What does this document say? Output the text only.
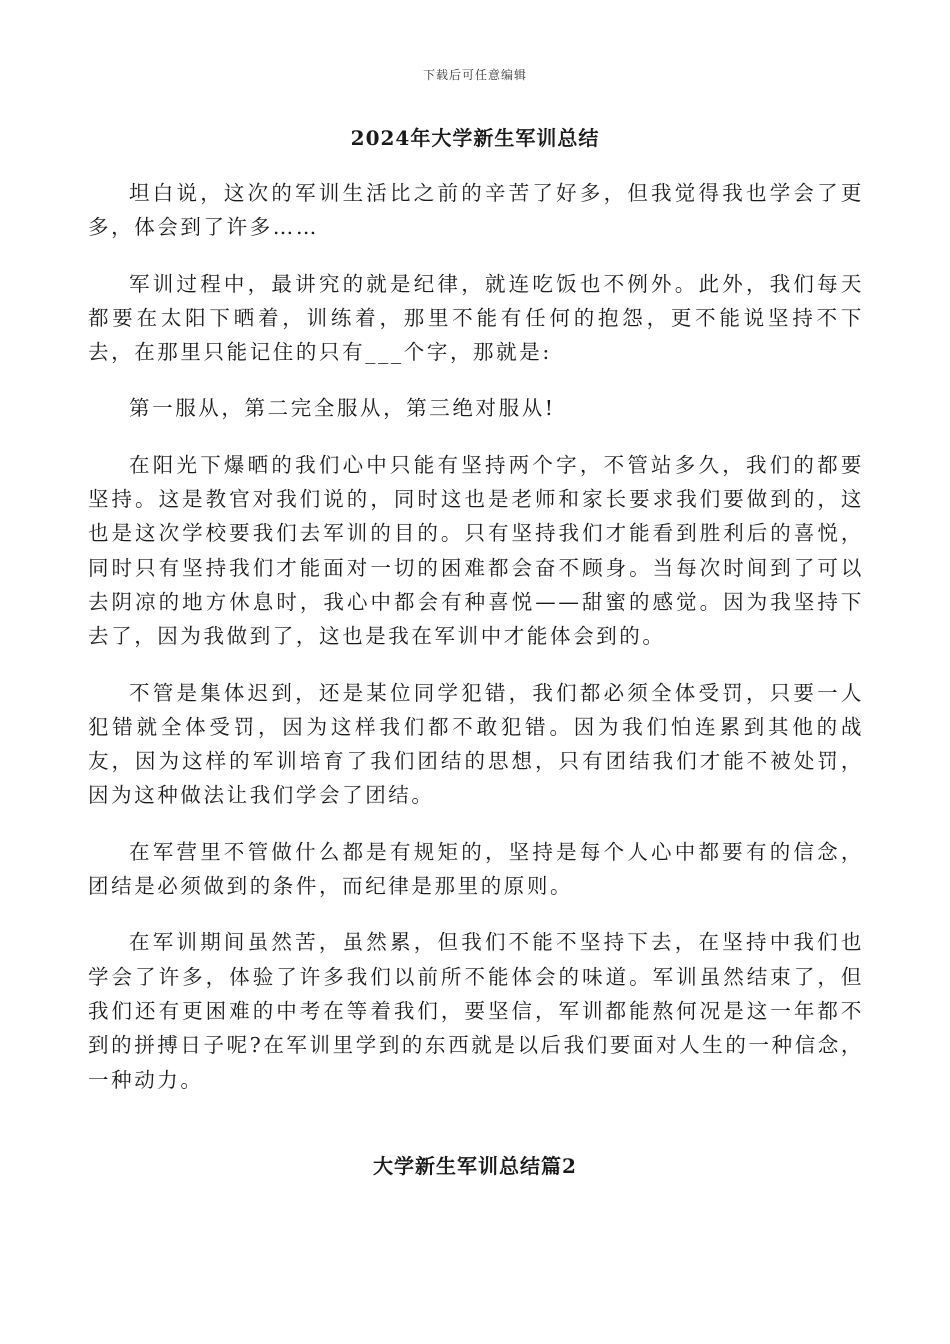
下载后可任意编辑
2024年大学新生军训总结

坦白说，这次的军训生活比之前的辛苦了好多，但我觉得我也学会了更多，体会到了许多……

军训过程中，最讲究的就是纪律，就连吃饭也不例外。此外，我们每天都要在太阳下晒着，训练着，那里不能有任何的抱怨，更不能说坚持不下去，在那里只能记住的只有___个字，那就是:

第一服从，第二完全服从，第三绝对服从!

在阳光下爆晒的我们心中只能有坚持两个字，不管站多久，我们的都要坚持。这是教官对我们说的，同时这也是老师和家长要求我们要做到的，这也是这次学校要我们去军训的目的。只有坚持我们才能看到胜利后的喜悦，同时只有坚持我们才能面对一切的困难都会奋不顾身。当每次时间到了可以去阴凉的地方休息时，我心中都会有种喜悦——甜蜜的感觉。因为我坚持下去了，因为我做到了，这也是我在军训中才能体会到的。

不管是集体迟到，还是某位同学犯错，我们都必须全体受罚，只要一人犯错就全体受罚，因为这样我们都不敢犯错。因为我们怕连累到其他的战友，因为这样的军训培育了我们团结的思想，只有团结我们才能不被处罚，因为这种做法让我们学会了团结。

在军营里不管做什么都是有规矩的，坚持是每个人心中都要有的信念，团结是必须做到的条件，而纪律是那里的原则。

在军训期间虽然苦，虽然累，但我们不能不坚持下去，在坚持中我们也学会了许多，体验了许多我们以前所不能体会的味道。军训虽然结束了，但我们还有更困难的中考在等着我们，要坚信，军训都能熬何况是这一年都不到的拼搏日子呢?在军训里学到的东西就是以后我们要面对人生的一种信念，一种动力。

大学新生军训总结篇2
